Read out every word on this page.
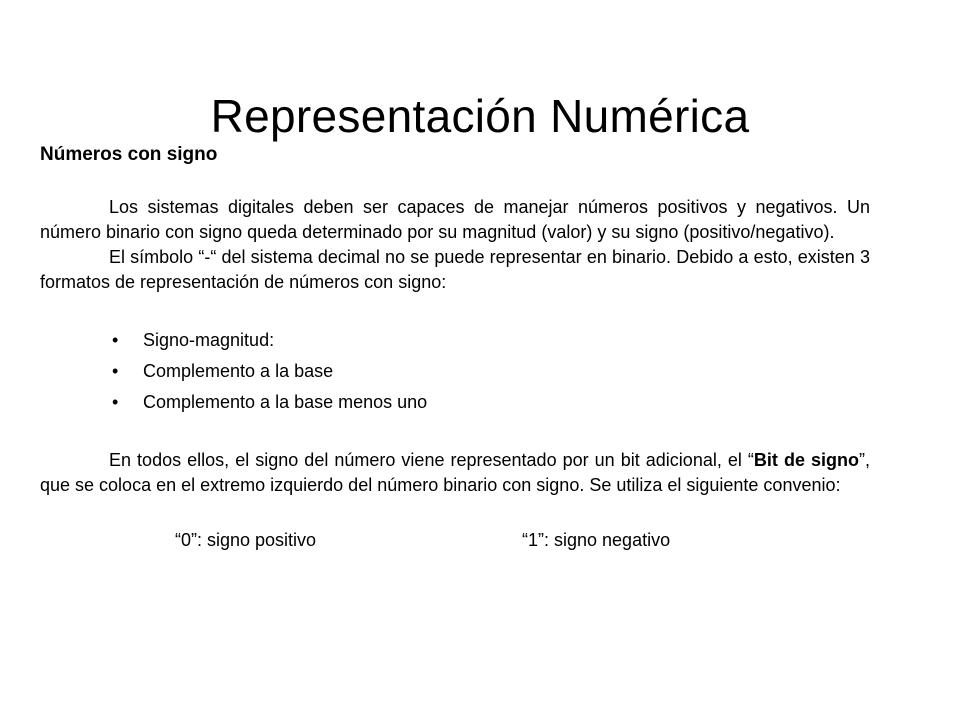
Representación Numérica
Números con signo

Los sistemas digitales deben ser capaces de manejar números positivos y negativos. Un número binario con signo queda determinado por su magnitud (valor) y su signo (positivo/negativo).

El símbolo “-“ del sistema decimal no se puede representar en binario. Debido a esto, existen 3 formatos de representación de números con signo:

• Signo-magnitud:
• Complemento a la base
• Complemento a la base menos uno

En todos ellos, el signo del número viene representado por un bit adicional, el “Bit de signo”, que se coloca en el extremo izquierdo del número binario con signo. Se utiliza el siguiente convenio:

“0”: signo positivo	“1”: signo negativo
